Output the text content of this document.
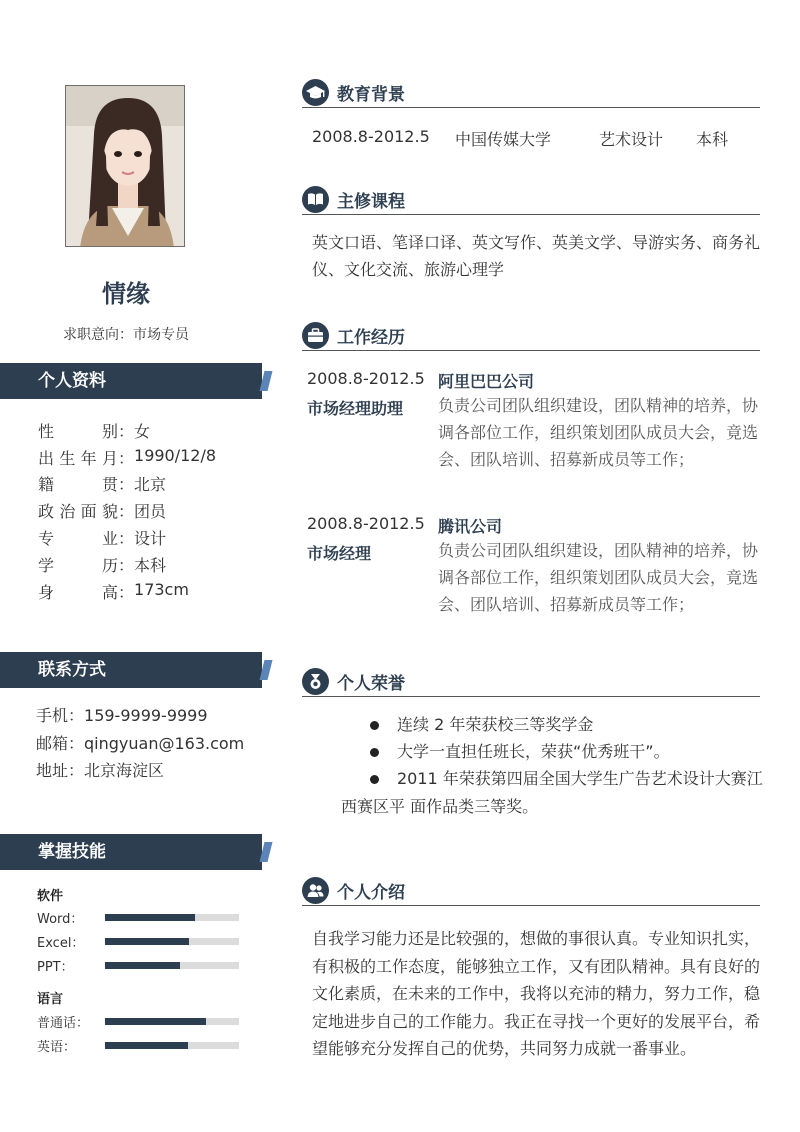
情缘
求职意向：市场专员
个人资料
性别 ： 女
出生年月 ： 1990/12/8
籍贯 ： 北京
政治面貌 ： 团员
专业 ： 设计
学历 ： 本科
身高 ： 173cm
联系方式
手机：159-9999-9999
邮箱：qingyuan@163.com
地址：北京海淀区
掌握技能
软件
Word：
Excel：
PPT：
语言
普通话：
英语：
教育背景
2008.8-2012.5 中国传媒大学	艺术设计 本科
主修课程
英文口语、笔译口译、英文写作、英美文学、导游实务、商务礼
仪、文化交流、旅游心理学
工作经历
2008.8-2012.5 阿里巴巴公司
市场经理助理 负责公司团队组织建设，团队精神的培养，协
调各部位工作，组织策划团队成员大会，竟选
会、团队培训、招募新成员等工作；
2008.8-2012.5 腾讯公司
市场经理	负责公司团队组织建设，团队精神的培养，协
调各部位工作，组织策划团队成员大会，竟选
会、团队培训、招募新成员等工作；
个人荣誉
连续 2 年荣获校三等奖学金
大学一直担任班长，荣获“优秀班干”。
2011 年荣获第四届全国大学生广告艺术设计大赛江
西赛区平 面作品类三等奖。
个人介绍
自我学习能力还是比较强的，想做的事很认真。专业知识扎实，
有积极的工作态度，能够独立工作，又有团队精神。具有良好的
文化素质，在未来的工作中，我将以充沛的精力，努力工作，稳
定地进步自己的工作能力。我正在寻找一个更好的发展平台，希
望能够充分发挥自己的优势，共同努力成就一番事业。
